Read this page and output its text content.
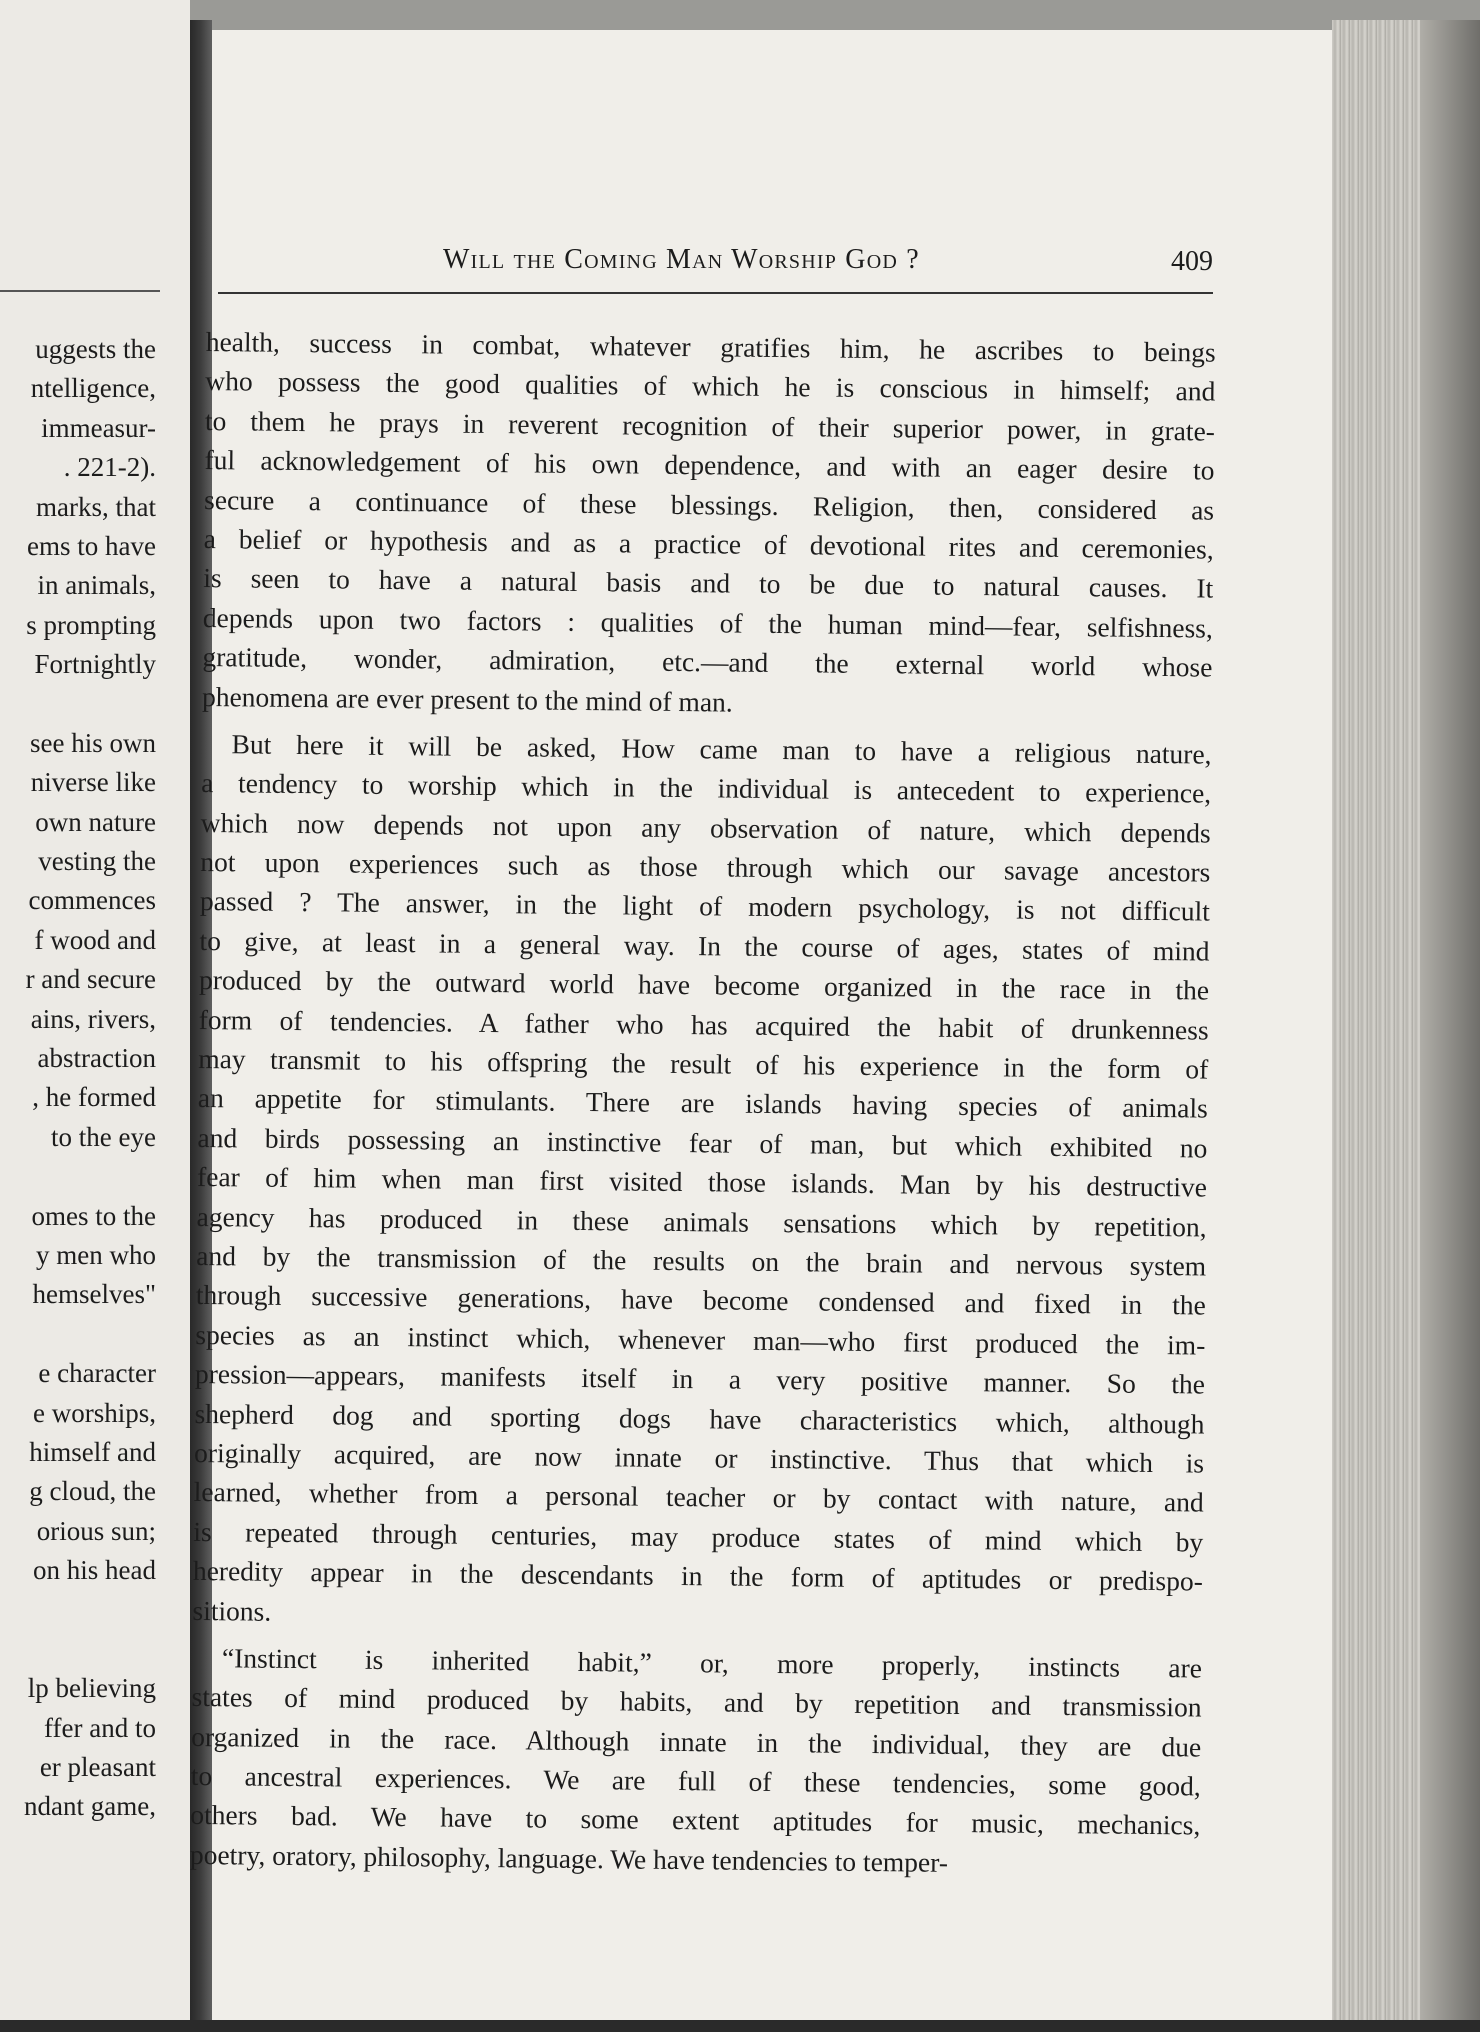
uggests the
ntelligence,
immeasur-
. 221-2).
marks, that
ems to have
in animals,
s prompting
Fortnightly
see his own
niverse like
own nature
vesting the
commences
f wood and
r and secure
ains, rivers,
abstraction
, he formed
to the eye
omes to the
y men who
hemselves"
e character
e worships,
himself and
g cloud, the
orious sun;
on his head
lp believing
ffer and to
er pleasant
ndant game,
Will the Coming Man Worship God ?	409
health, success in combat, whatever gratifies him, he ascribes to beings
who possess the good qualities of which he is conscious in himself; and
to them he prays in reverent recognition of their superior power, in grate-
ful acknowledgement of his own dependence, and with an eager desire to
secure a continuance of these blessings. Religion, then, considered as
a belief or hypothesis and as a practice of devotional rites and ceremonies,
is seen to have a natural basis and to be due to natural causes. It
depends upon two factors : qualities of the human mind—fear, selfishness,
gratitude, wonder, admiration, etc.—and the external world whose
phenomena are ever present to the mind of man.
But here it will be asked, How came man to have a religious nature,
a tendency to worship which in the individual is antecedent to experience,
which now depends not upon any observation of nature, which depends
not upon experiences such as those through which our savage ancestors
passed ? The answer, in the light of modern psychology, is not difficult
to give, at least in a general way. In the course of ages, states of mind
produced by the outward world have become organized in the race in the
form of tendencies. A father who has acquired the habit of drunkenness
may transmit to his offspring the result of his experience in the form of
an appetite for stimulants. There are islands having species of animals
and birds possessing an instinctive fear of man, but which exhibited no
fear of him when man first visited those islands. Man by his destructive
agency has produced in these animals sensations which by repetition,
and by the transmission of the results on the brain and nervous system
through successive generations, have become condensed and fixed in the
species as an instinct which, whenever man—who first produced the im-
pression—appears, manifests itself in a very positive manner. So the
shepherd dog and sporting dogs have characteristics which, although
originally acquired, are now innate or instinctive. Thus that which is
learned, whether from a personal teacher or by contact with nature, and
is repeated through centuries, may produce states of mind which by
heredity appear in the descendants in the form of aptitudes or predispo-
sitions.
“Instinct is inherited habit,” or, more properly, instincts are
states of mind produced by habits, and by repetition and transmission
organized in the race. Although innate in the individual, they are due
to ancestral experiences. We are full of these tendencies, some good,
others bad. We have to some extent aptitudes for music, mechanics,
poetry, oratory, philosophy, language. We have tendencies to temper-
